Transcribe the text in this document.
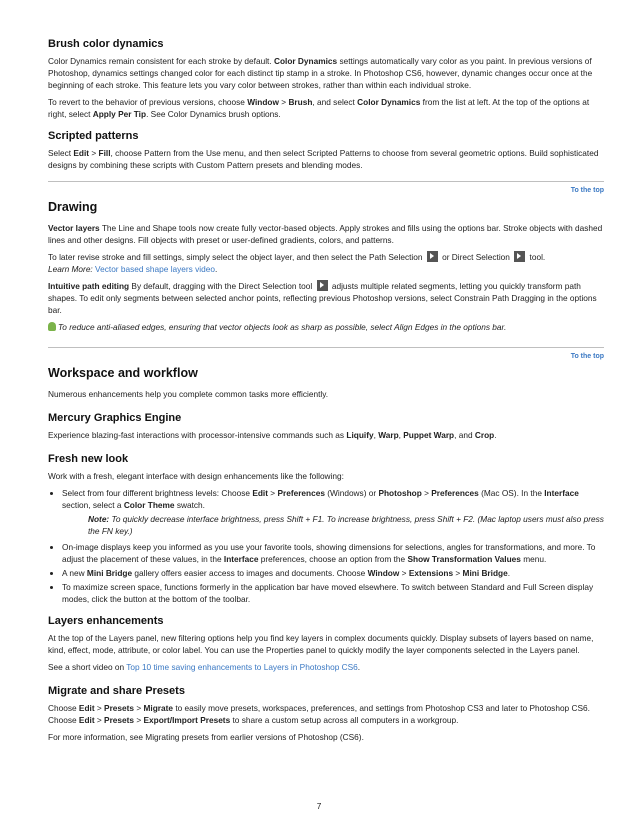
Brush color dynamics

Color Dynamics remain consistent for each stroke by default. Color Dynamics settings automatically vary color as you paint. In previous versions of Photoshop, dynamics settings changed color for each distinct tip stamp in a stroke. In Photoshop CS6, however, dynamic changes occur once at the beginning of each stroke. This feature lets you vary color between strokes, rather than within each individual stroke.

To revert to the behavior of previous versions, choose Window > Brush, and select Color Dynamics from the list at left. At the top of the options at right, select Apply Per Tip. See Color Dynamics brush options.

Scripted patterns

Select Edit > Fill, choose Pattern from the Use menu, and then select Scripted Patterns to choose from several geometric options. Build sophisticated designs by combining these scripts with Custom Pattern presets and blending modes.

To the top
Drawing

Vector layers The Line and Shape tools now create fully vector-based objects. Apply strokes and fills using the options bar. Stroke objects with dashed lines and other designs. Fill objects with preset or user-defined gradients, colors, and patterns.

To later revise stroke and fill settings, simply select the object layer, and then select the Path Selection or Direct Selection tool.
Learn More: Vector based shape layers video.

Intuitive path editing By default, dragging with the Direct Selection tool adjusts multiple related segments, letting you quickly transform path shapes. To edit only segments between selected anchor points, reflecting previous Photoshop versions, select Constrain Path Dragging in the options bar.

To reduce anti-aliased edges, ensuring that vector objects look as sharp as possible, select Align Edges in the options bar.

To the top
Workspace and workflow

Numerous enhancements help you complete common tasks more efficiently.

Mercury Graphics Engine

Experience blazing-fast interactions with processor-intensive commands such as Liquify, Warp, Puppet Warp, and Crop.

Fresh new look

Work with a fresh, elegant interface with design enhancements like the following:

• Select from four different brightness levels: Choose Edit > Preferences (Windows) or Photoshop > Preferences (Mac OS). In the Interface section, select a Color Theme swatch.
Note: To quickly decrease interface brightness, press Shift + F1. To increase brightness, press Shift + F2. (Mac laptop users must also press the FN key.)
• On-image displays keep you informed as you use your favorite tools, showing dimensions for selections, angles for transformations, and more. To adjust the placement of these values, in the Interface preferences, choose an option from the Show Transformation Values menu.
• A new Mini Bridge gallery offers easier access to images and documents. Choose Window > Extensions > Mini Bridge.
• To maximize screen space, functions formerly in the application bar have moved elsewhere. To switch between Standard and Full Screen display modes, click the button at the bottom of the toolbar.
Layers enhancements

At the top of the Layers panel, new filtering options help you find key layers in complex documents quickly. Display subsets of layers based on name, kind, effect, mode, attribute, or color label. You can use the Properties panel to quickly modify the layer components selected in the Layers panel.

See a short video on Top 10 time saving enhancements to Layers in Photoshop CS6.

Migrate and share Presets

Choose Edit > Presets > Migrate to easily move presets, workspaces, preferences, and settings from Photoshop CS3 and later to Photoshop CS6. Choose Edit > Presets > Export/Import Presets to share a custom setup across all computers in a workgroup.

For more information, see Migrating presets from earlier versions of Photoshop (CS6).

7
